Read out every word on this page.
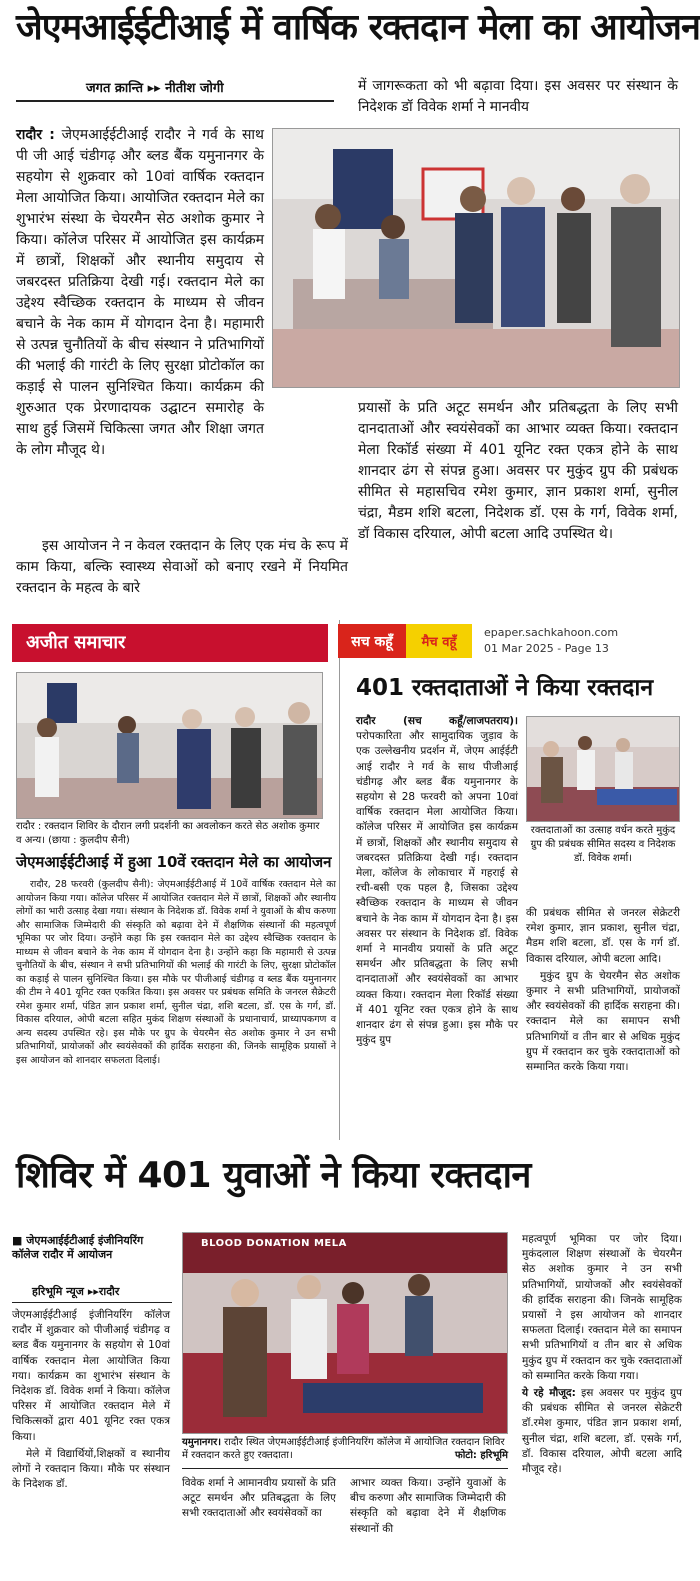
जेएमआईईटीआई में वार्षिक रक्तदान मेला का आयोजन
जगत क्रान्ति ▸▸ नीतीश जोगी	में जागरूकता को भी बढ़ावा दिया। इस अवसर पर संस्थान के निदेशक डॉ विवेक शर्मा ने मानवीय

रादौर : जेएमआईईटीआई रादौर ने गर्व के साथ पी जी आई चंडीगढ़ और ब्लड बैंक यमुनानगर के सहयोग से शुक्रवार को 10वां वार्षिक रक्तदान मेला आयोजित किया। आयोजित रक्तदान मेले का शुभारंभ संस्था के चेयरमैन सेठ अशोक कुमार ने किया। कॉलेज परिसर में आयोजित इस कार्यक्रम में छात्रों, शिक्षकों और स्थानीय समुदाय से जबरदस्त प्रतिक्रिया देखी गई। रक्तदान मेले का उद्देश्य स्वैच्छिक रक्तदान के माध्यम से जीवन बचाने के नेक काम में योगदान देना है। महामारी से उत्पन्न चुनौतियों के बीच संस्थान ने प्रतिभागियों की भलाई की गारंटी के लिए सुरक्षा प्रोटोकॉल का कड़ाई से पालन सुनिश्चित किया। कार्यक्रम की शुरुआत एक प्रेरणादायक उद्घाटन समारोह के साथ हुई जिसमें चिकित्सा जगत और शिक्षा जगत के लोग मौजूद थे।

इस आयोजन ने न केवल रक्तदान के लिए एक मंच के रूप में काम किया, बल्कि स्वास्थ्य सेवाओं को बनाए रखने में नियमित रक्तदान के महत्व के बारे
प्रयासों के प्रति अटूट समर्थन और प्रतिबद्धता के लिए सभी दानदाताओं और स्वयंसेवकों का आभार व्यक्त किया। रक्तदान मेला रिकॉर्ड संख्या में 401 यूनिट रक्त एकत्र होने के साथ शानदार ढंग से संपन्न हुआ। अवसर पर मुकुंद ग्रुप की प्रबंधक सीमित से महासचिव रमेश कुमार, ज्ञान प्रकाश शर्मा, सुनील चंद्रा, मैडम शशि बटला, निदेशक डॉ. एस के गर्ग, विवेक शर्मा, डॉ विकास दरियाल, ओपी बटला आदि उपस्थित थे।
अजीत समाचार
रादौर : रक्तदान शिविर के दौरान लगी प्रदर्शनी का अवलोकन करते सेठ अशोक कुमार व अन्य। (छाया : कुलदीप सैनी)
जेएमआईईटीआई में हुआ 10वें रक्तदान मेले का आयोजन
रादौर, 28 फरवरी (कुलदीप सैनी): जेएमआईईटीआई में 10वें वार्षिक रक्तदान मेले का आयोजन किया गया। कॉलेज परिसर में आयोजित रक्तदान मेले में छात्रों, शिक्षकों और स्थानीय लोगों का भारी उत्साह देखा गया। संस्थान के निदेशक डॉ. विवेक शर्मा ने युवाओं के बीच करुणा और सामाजिक जिम्मेदारी की संस्कृति को बढ़ावा देने में शैक्षणिक संस्थानों की महत्वपूर्ण भूमिका पर जोर दिया। उन्होंने कहा कि इस रक्तदान मेले का उद्देश्य स्वैच्छिक रक्तदान के माध्यम से जीवन बचाने के नेक काम में योगदान देना है। उन्होंने कहा कि महामारी से उत्पन्न चुनौतियों के बीच, संस्थान ने सभी प्रतिभागियों की भलाई की गारंटी के लिए, सुरक्षा प्रोटोकॉल का कड़ाई से पालन सुनिश्चित किया। इस मौके पर पीजीआई चंडीगढ़ व ब्लड बैंक यमुनानगर की टीम ने 401 यूनिट रक्त एकत्रित किया। इस अवसर पर प्रबंधक समिति के जनरल सैक्रेटरी रमेश कुमार शर्मा, पंडित ज्ञान प्रकाश शर्मा, सुनील चंद्रा, शशि बटला, डॉ. एस के गर्ग, डॉ. विकास दरियाल, ओपी बटला सहित मुकंद शिक्षण संस्थाओं के प्रधानाचार्य, प्राध्यापकगण व अन्य सदस्य उपस्थित रहे। इस मौके पर ग्रुप के चेयरमैन सेठ अशोक कुमार ने उन सभी प्रतिभागियों, प्रायोजकों और स्वयंसेवकों की हार्दिक सराहना की, जिनके सामूहिक प्रयासों ने इस आयोजन को शानदार सफलता दिलाई।
सच कहूँ	मैच वहूँ
epaper.sachkahoon.com
01 Mar 2025 - Page 13
401 रक्तदाताओं ने किया रक्तदान

रादौर (सच कहूँ/लाजपतराय)। परोपकारिता और सामुदायिक जुड़ाव के एक उल्लेखनीय प्रदर्शन में, जेएम आईईटी आई रादौर ने गर्व के साथ पीजीआई चंडीगढ़ और ब्लड बैंक यमुनानगर के सहयोग से 28 फरवरी को अपना 10वां वार्षिक रक्तदान मेला आयोजित किया। कॉलेज परिसर में आयोजित इस कार्यक्रम में छात्रों, शिक्षकों और स्थानीय समुदाय से जबरदस्त प्रतिक्रिया देखी गई। रक्तदान मेला, कॉलेज के लोकाचार में गहराई से रची-बसी एक पहल है, जिसका उद्देश्य स्वैच्छिक रक्तदान के माध्यम से जीवन बचाने के नेक काम में योगदान देना है। इस अवसर पर संस्थान के निदेशक डॉ. विवेक शर्मा ने मानवीय प्रयासों के प्रति अटूट समर्थन और प्रतिबद्धता के लिए सभी दानदाताओं और स्वयंसेवकों का आभार व्यक्त किया। रक्तदान मेला रिकॉर्ड संख्या में 401 यूनिट रक्त एकत्र होने के साथ शानदार ढंग से संपन्न हुआ। इस मौके पर मुकुंद ग्रुप

रक्तदाताओं का उत्साह वर्धन करते मुकुंद ग्रुप की प्रबंधक सीमित सदस्य व निदेशक डॉ. विवेक शर्मा।

की प्रबंधक सीमित से जनरल सेक्रेटरी रमेश कुमार, ज्ञान प्रकाश, सुनील चंद्रा, मैडम शशि बटला, डॉ. एस के गर्ग डॉ. विकास दरियाल, ओपी बटला आदि।

मुकुंद ग्रुप के चेयरमैन सेठ अशोक कुमार ने सभी प्रतिभागियों, प्रायोजकों और स्वयंसेवकों की हार्दिक सराहना की। रक्तदान मेले का समापन सभी प्रतिभागियों व तीन बार से अधिक मुकुंद ग्रुप में रक्तदान कर चुके रक्तदाताओं को सम्मानित करके किया गया।

शिविर में 401 युवाओं ने किया रक्तदान
■ जेएमआईईटीआई इंजीनियरिंग कॉलेज रादौर में आयोजन
हरिभूमि न्यूज ▸▸रादौर

जेएमआईईटीआई इंजीनियरिंग कॉलेज रादौर में शुक्रवार को पीजीआई चंडीगढ़ व ब्लड बैंक यमुनानगर के सहयोग से 10वां वार्षिक रक्तदान मेला आयोजित किया गया। कार्यक्रम का शुभारंभ संस्थान के निदेशक डॉ. विवेक शर्मा ने किया। कॉलेज परिसर में आयोजित रक्तदान मेले में चिकित्सकों द्वारा 401 यूनिट रक्त एकत्र किया।

मेले में विद्यार्थियों,शिक्षकों व स्थानीय लोगों ने रक्तदान किया। मौके पर संस्थान के निदेशक डॉ.

BLOOD DONATION MELA
यमुनानगर। रादौर स्थित जेएमआईईटीआई इंजीनियरिंग कॉलेज में आयोजित रक्तदान शिविर में रक्तदान करते हुए रक्तदाता।	फोटो: हरिभूमि
विवेक शर्मा ने आमानवीय प्रयासों के प्रति अटूट समर्थन और प्रतिबद्धता के लिए सभी रक्तदाताओं और स्वयंसेवकों का
आभार व्यक्त किया। उन्होंने युवाओं के बीच करुणा और सामाजिक जिम्मेदारी की संस्कृति को बढ़ावा देने में शैक्षणिक संस्थानों की

महत्वपूर्ण भूमिका पर जोर दिया। मुकंदलाल शिक्षण संस्थाओं के चेयरमैन सेठ अशोक कुमार ने उन सभी प्रतिभागियों, प्रायोजकों और स्वयंसेवकों की हार्दिक सराहना की। जिनके सामूहिक प्रयासों ने इस आयोजन को शानदार सफलता दिलाई। रक्तदान मेले का समापन सभी प्रतिभागियों व तीन बार से अधिक मुकुंद ग्रुप में रक्तदान कर चुके रक्तदाताओं को सम्मानित करके किया गया।

ये रहे मौजूद: इस अवसर पर मुकुंद ग्रुप की प्रबंधक सीमित से जनरल सेक्रेटरी डॉ.रमेश कुमार, पंडित ज्ञान प्रकाश शर्मा, सुनील चंद्रा, शशि बटला, डॉ. एसके गर्ग, डॉ. विकास दरियाल, ओपी बटला आदि मौजूद रहे।
